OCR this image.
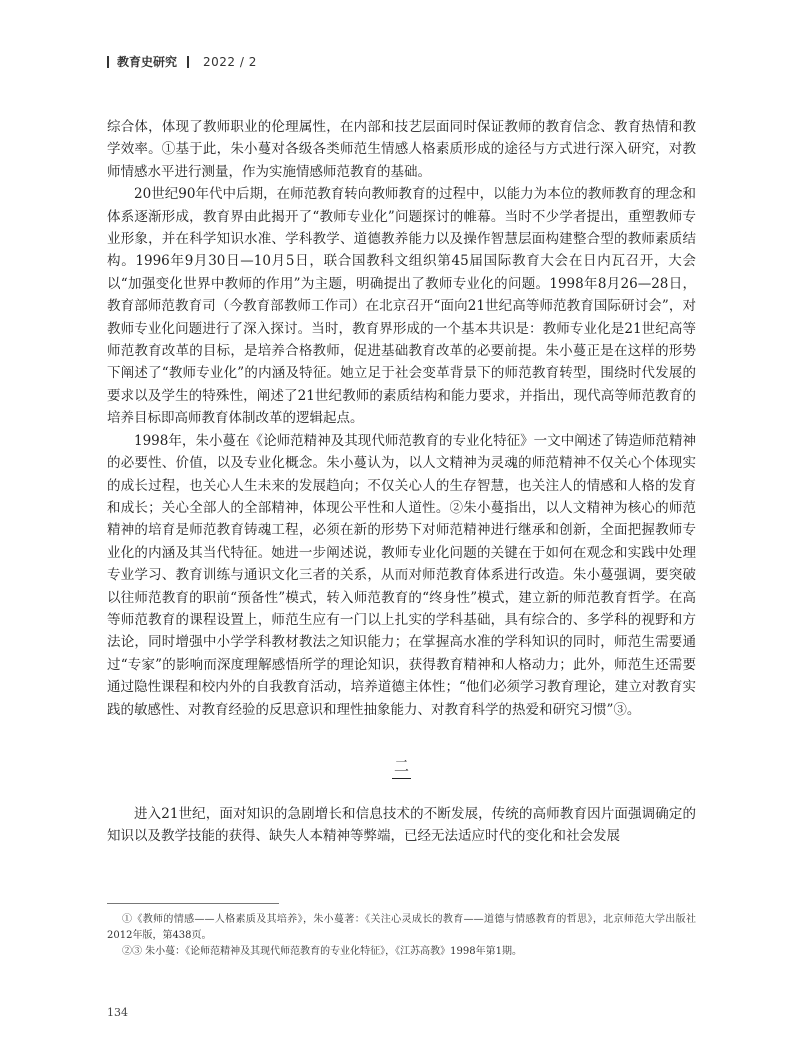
教育史研究 2022 / 2

综合体，体现了教师职业的伦理属性，在内部和技艺层面同时保证教师的教育信念、教育热情和教学效率。①基于此，朱小蔓对各级各类师范生情感人格素质形成的途径与方式进行深入研究，对教师情感水平进行测量，作为实施情感师范教育的基础。

20世纪90年代中后期，在师范教育转向教师教育的过程中，以能力为本位的教师教育的理念和体系逐渐形成，教育界由此揭开了“教师专业化”问题探讨的帷幕。当时不少学者提出，重塑教师专业形象，并在科学知识水准、学科教学、道德教养能力以及操作智慧层面构建整合型的教师素质结构。1996年9月30日—10月5日，联合国教科文组织第45届国际教育大会在日内瓦召开，大会以“加强变化世界中教师的作用”为主题，明确提出了教师专业化的问题。1998年8月26—28日，教育部师范教育司（今教育部教师工作司）在北京召开“面向21世纪高等师范教育国际研讨会”，对教师专业化问题进行了深入探讨。当时，教育界形成的一个基本共识是：教师专业化是21世纪高等师范教育改革的目标，是培养合格教师，促进基础教育改革的必要前提。朱小蔓正是在这样的形势下阐述了“教师专业化”的内涵及特征。她立足于社会变革背景下的师范教育转型，围绕时代发展的要求以及学生的特殊性，阐述了21世纪教师的素质结构和能力要求，并指出，现代高等师范教育的培养目标即高师教育体制改革的逻辑起点。

1998年，朱小蔓在《论师范精神及其现代师范教育的专业化特征》一文中阐述了铸造师范精神的必要性、价值，以及专业化概念。朱小蔓认为，以人文精神为灵魂的师范精神不仅关心个体现实的成长过程，也关心人生未来的发展趋向；不仅关心人的生存智慧，也关注人的情感和人格的发育和成长；关心全部人的全部精神，体现公平性和人道性。②朱小蔓指出，以人文精神为核心的师范精神的培育是师范教育铸魂工程，必须在新的形势下对师范精神进行继承和创新，全面把握教师专业化的内涵及其当代特征。她进一步阐述说，教师专业化问题的关键在于如何在观念和实践中处理专业学习、教育训练与通识文化三者的关系，从而对师范教育体系进行改造。朱小蔓强调，要突破以往师范教育的职前“预备性”模式，转入师范教育的“终身性”模式，建立新的师范教育哲学。在高等师范教育的课程设置上，师范生应有一门以上扎实的学科基础，具有综合的、多学科的视野和方法论，同时增强中小学学科教材教法之知识能力；在掌握高水准的学科知识的同时，师范生需要通过“专家”的影响而深度理解感悟所学的理论知识，获得教育精神和人格动力；此外，师范生还需要通过隐性课程和校内外的自我教育活动，培养道德主体性；“他们必须学习教育理论，建立对教育实践的敏感性、对教育经验的反思意识和理性抽象能力、对教育科学的热爱和研究习惯”③。

二

进入21世纪，面对知识的急剧增长和信息技术的不断发展，传统的高师教育因片面强调确定的知识以及教学技能的获得、缺失人本精神等弊端，已经无法适应时代的变化和社会发展

①《教师的情感——人格素质及其培养》，朱小蔓著：《关注心灵成长的教育——道德与情感教育的哲思》，北京师范大学出版社2012年版，第438页。

②③ 朱小蔓：《论师范精神及其现代师范教育的专业化特征》，《江苏高教》1998年第1期。

134
